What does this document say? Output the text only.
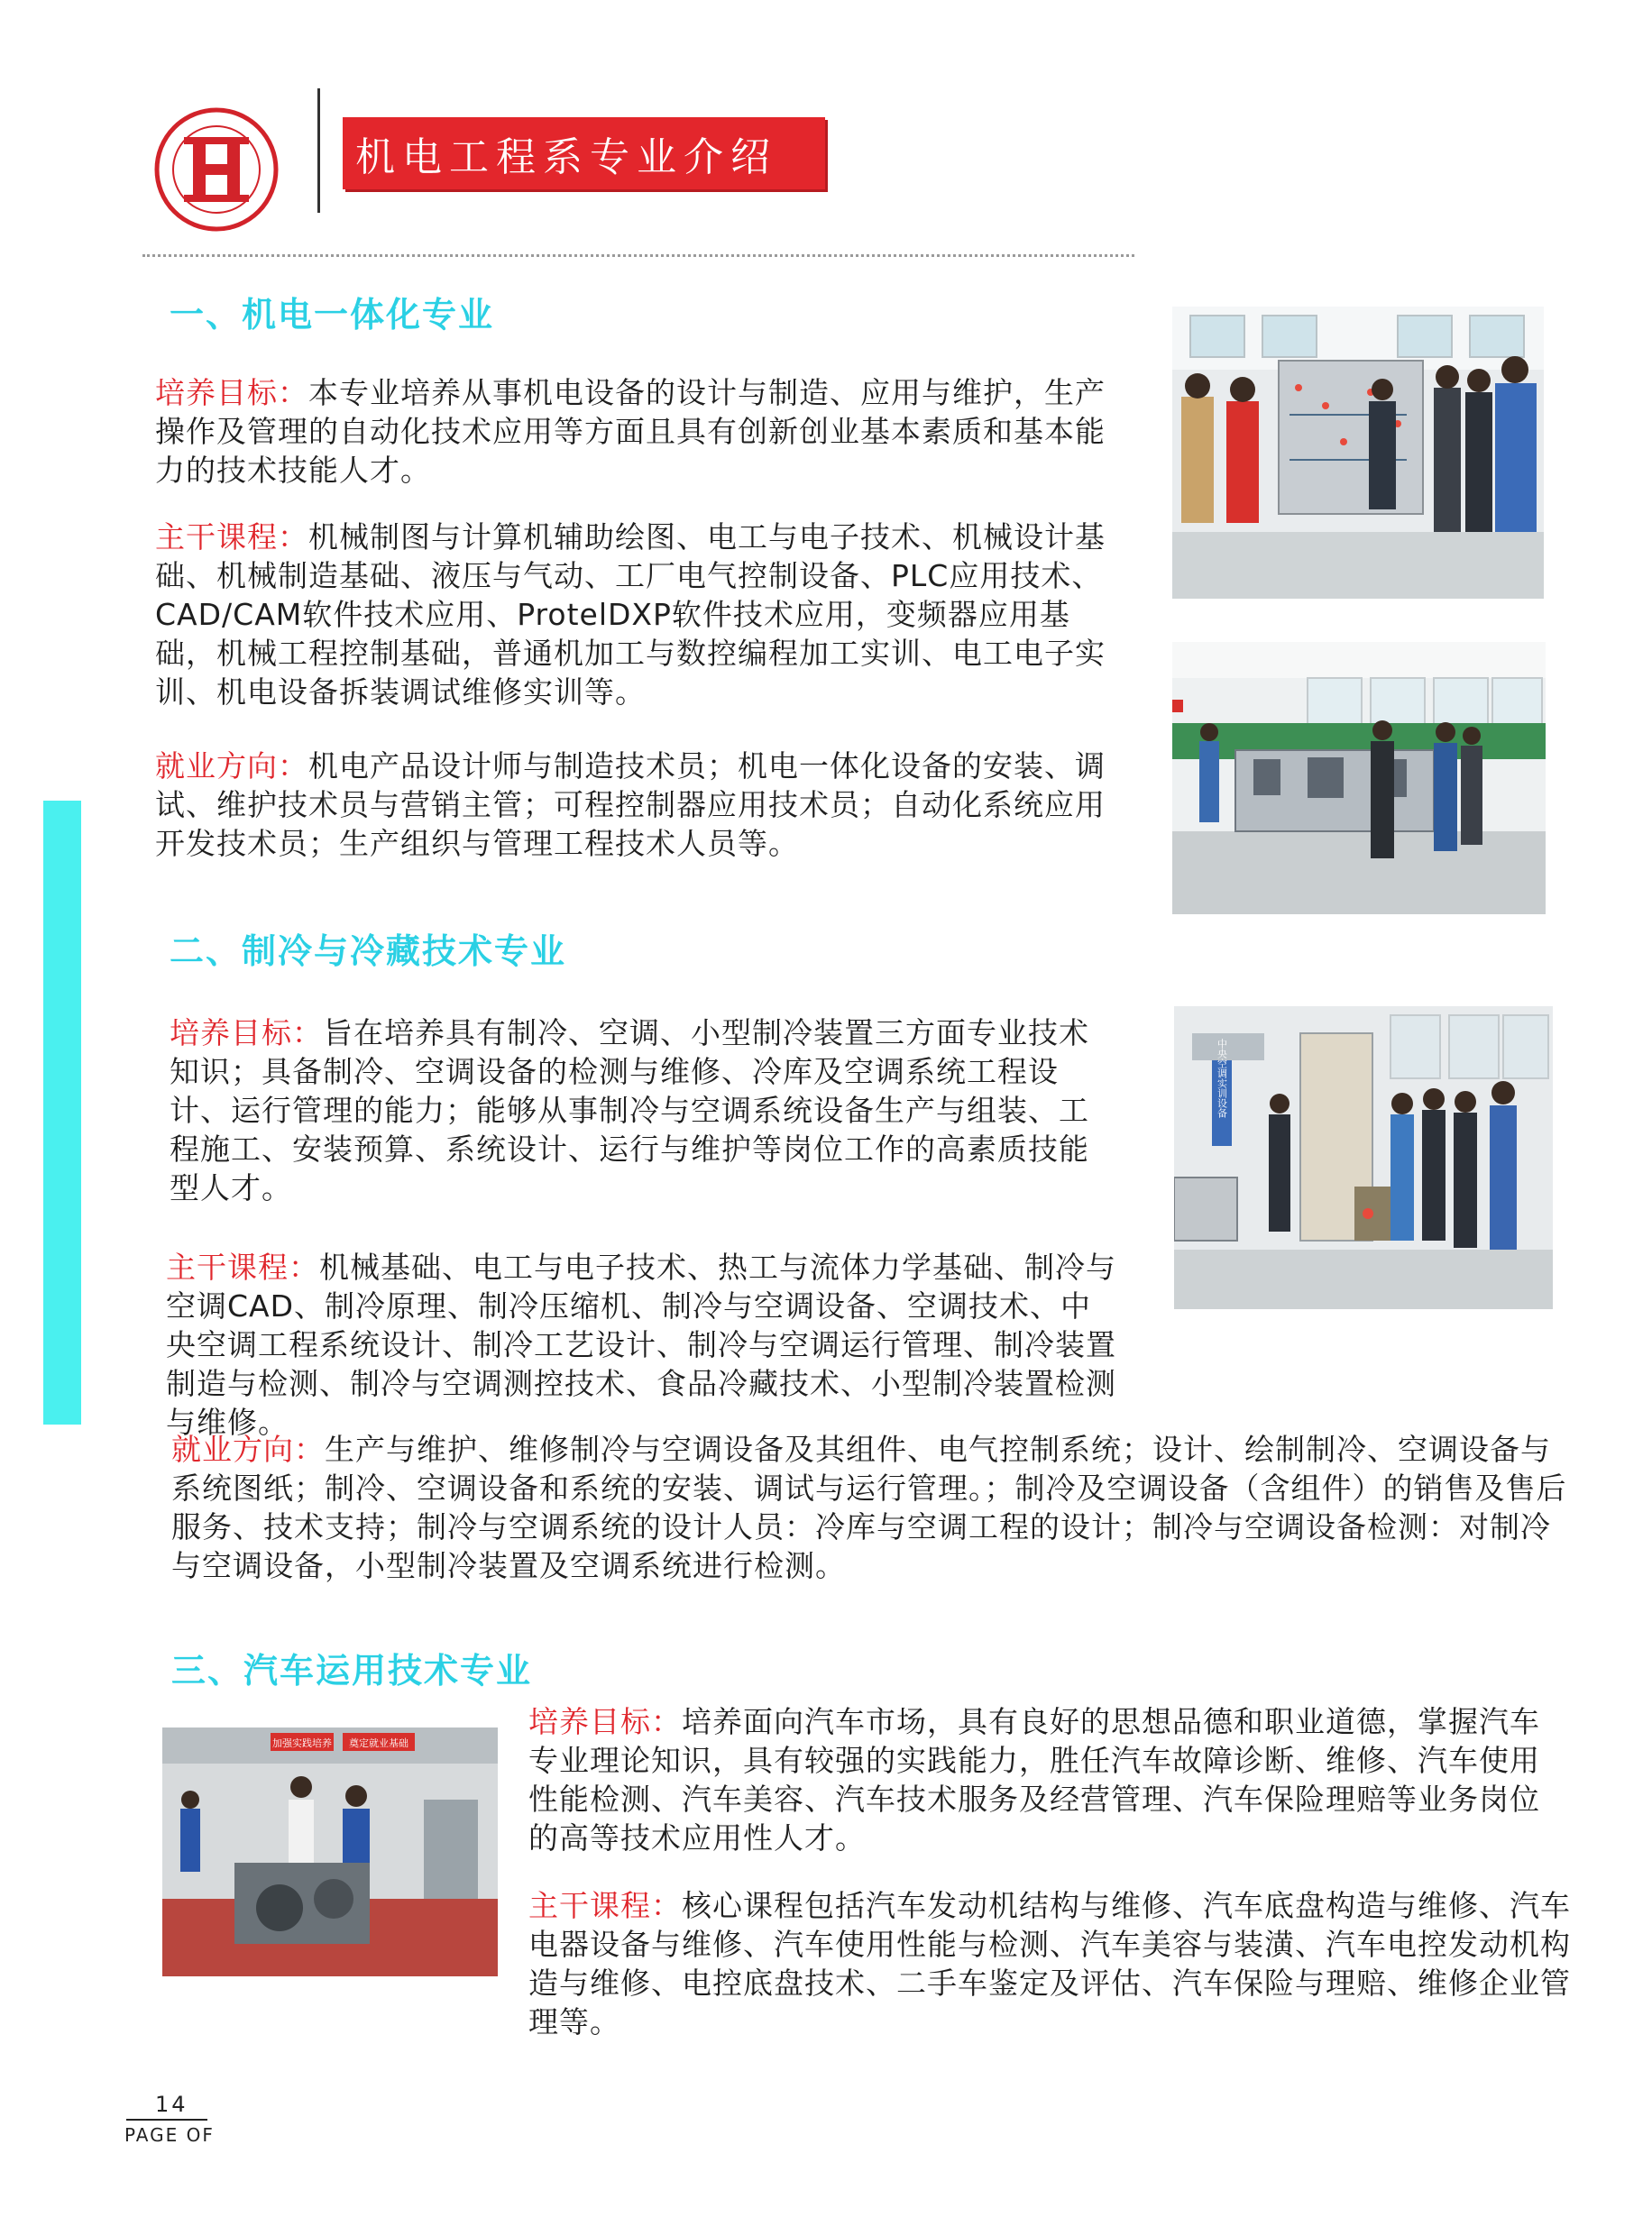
1922
机电工程系专业介绍
一、机电一体化专业
培养目标：本专业培养从事机电设备的设计与制造、应用与维护，生产操作及管理的自动化技术应用等方面且具有创新创业基本素质和基本能力的技术技能人才。
主干课程：机械制图与计算机辅助绘图、电工与电子技术、机械设计基础、机械制造基础、液压与气动、工厂电气控制设备、PLC应用技术、CAD/CAM软件技术应用、ProtelDXP软件技术应用，变频器应用基础，机械工程控制基础，普通机加工与数控编程加工实训、电工电子实训、机电设备拆装调试维修实训等。
就业方向：机电产品设计师与制造技术员；机电一体化设备的安装、调试、维护技术员与营销主管；可程控制器应用技术员；自动化系统应用开发技术员；生产组织与管理工程技术人员等。
二、制冷与冷藏技术专业
培养目标：旨在培养具有制冷、空调、小型制冷装置三方面专业技术知识；具备制冷、空调设备的检测与维修、冷库及空调系统工程设计、运行管理的能力；能够从事制冷与空调系统设备生产与组装、工程施工、安装预算、系统设计、运行与维护等岗位工作的高素质技能型人才。
中央空调实训设备
主干课程：机械基础、电工与电子技术、热工与流体力学基础、制冷与空调CAD、制冷原理、制冷压缩机、制冷与空调设备、空调技术、中央空调工程系统设计、制冷工艺设计、制冷与空调运行管理、制冷装置制造与检测、制冷与空调测控技术、食品冷藏技术、小型制冷装置检测与维修。
就业方向：生产与维护、维修制冷与空调设备及其组件、电气控制系统；设计、绘制制冷、空调设备与系统图纸；制冷、空调设备和系统的安装、调试与运行管理。；制冷及空调设备（含组件）的销售及售后服务、技术支持；制冷与空调系统的设计人员：冷库与空调工程的设计；制冷与空调设备检测：对制冷与空调设备，小型制冷装置及空调系统进行检测。
三、汽车运用技术专业
加强实践培养 奠定就业基础
培养目标：培养面向汽车市场，具有良好的思想品德和职业道德，掌握汽车专业理论知识，具有较强的实践能力，胜任汽车故障诊断、维修、汽车使用性能检测、汽车美容、汽车技术服务及经营管理、汽车保险理赔等业务岗位的高等技术应用性人才。
主干课程：核心课程包括汽车发动机结构与维修、汽车底盘构造与维修、汽车电器设备与维修、汽车使用性能与检测、汽车美容与装潢、汽车电控发动机构造与维修、电控底盘技术、二手车鉴定及评估、汽车保险与理赔、维修企业管理等。
14
PAGE OF
